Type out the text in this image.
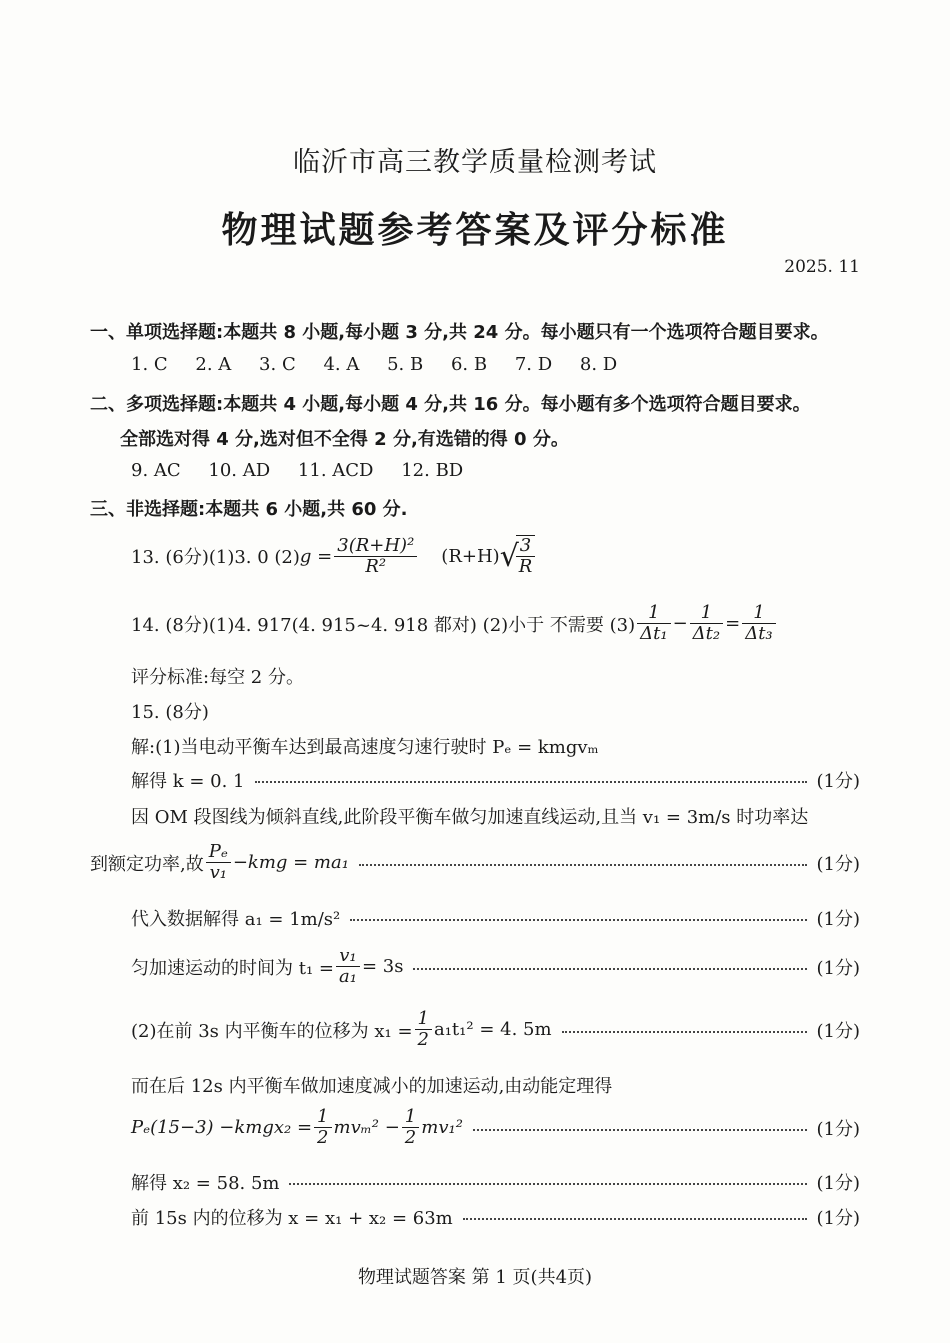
临沂市高三教学质量检测考试
物理试题参考答案及评分标准
2025. 11
一、单项选择题:本题共 8 小题,每小题 3 分,共 24 分。每小题只有一个选项符合题目要求。
1. C 2. A 3. C 4. A 5. B 6. B 7. D 8. D
二、多项选择题:本题共 4 小题,每小题 4 分,共 16 分。每小题有多个选项符合题目要求。
全部选对得 4 分,选对但不全得 2 分,有选错的得 0 分。
9. AC 10. AD 11. ACD 12. BD
三、非选择题:本题共 6 小题,共 60 分.
13. (6分)(1)3. 0 (2) $g = \frac{\text{3(R+H)²}}{\text{R²}} (R+H)$ √
$\frac{3}{R}$
14. (8分)(1)4. 917(4. 915~4. 918 都对) (2)小于 不需要 $(3) \frac{1}{\text{Δt₁}} - \frac{1}{\text{Δt₂}} = \frac{1}{\text{Δt₃}}$
评分标准:每空 2 分。
15. (8分)
解:(1)当电动平衡车达到最高速度匀速行驶时 Pₑ = kmgvₘ
解得 k = 0. 1	(1分)
因 OM 段图线为倾斜直线,此阶段平衡车做匀加速直线运动,且当 v₁ = 3m/s 时功率达
到额定功率,故 $\frac{\text{Pₑ}}{\text{v₁}} -kmg = ma_1$	(1分)
代入数据解得 a₁ = 1m/s²	(1分)
匀加速运动的时间为 $t_1 = \frac{\text{v₁}}{\text{a₁}} = 3s$	(1分)
(2)在前 3s 内平衡车的位移为 $x_1 = \frac{1}{2} a_1t_1^2 = 4$. 5m	(1分)
而在后 12s 内平衡车做加速度减小的加速运动,由动能定理得
Pₑ(15−3) −kmgx₂ = $\frac{1}{2} mv_m^2 - \frac{1}{2} mv_1^2$	(1分)
解得 x₂ = 58. 5m	(1分)
前 15s 内的位移为 x = x₁ + x₂ = 63m	(1分)
物理试题答案 第 1 页(共4页)
